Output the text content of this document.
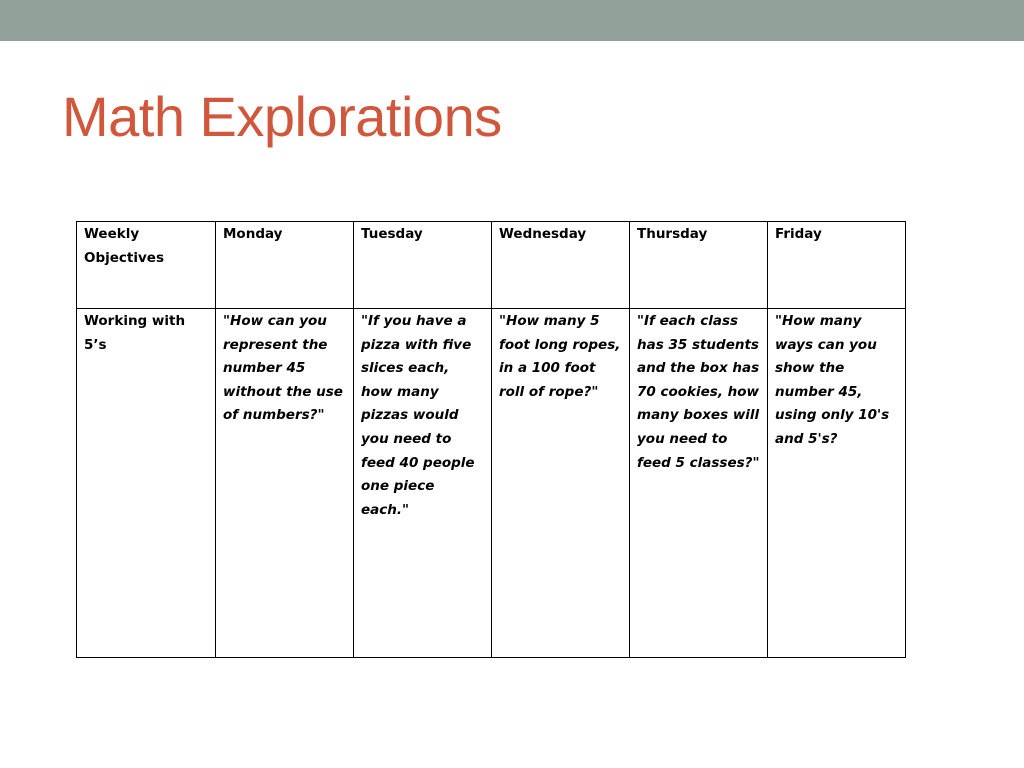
Math Explorations
Weekly Objectives	Monday	Tuesday	Wednesday	Thursday	Friday
Working with 5’s	"How can you represent the number 45 without the use of numbers?"	"If you have a pizza with five slices each, how many pizzas would you need to feed 40 people one piece each."	"How many 5 foot long ropes, in a 100 foot roll of rope?"	"If each class has 35 students and the box has 70 cookies, how many boxes will you need to feed 5 classes?"	"How many ways can you show the number 45, using only 10's and 5's?
